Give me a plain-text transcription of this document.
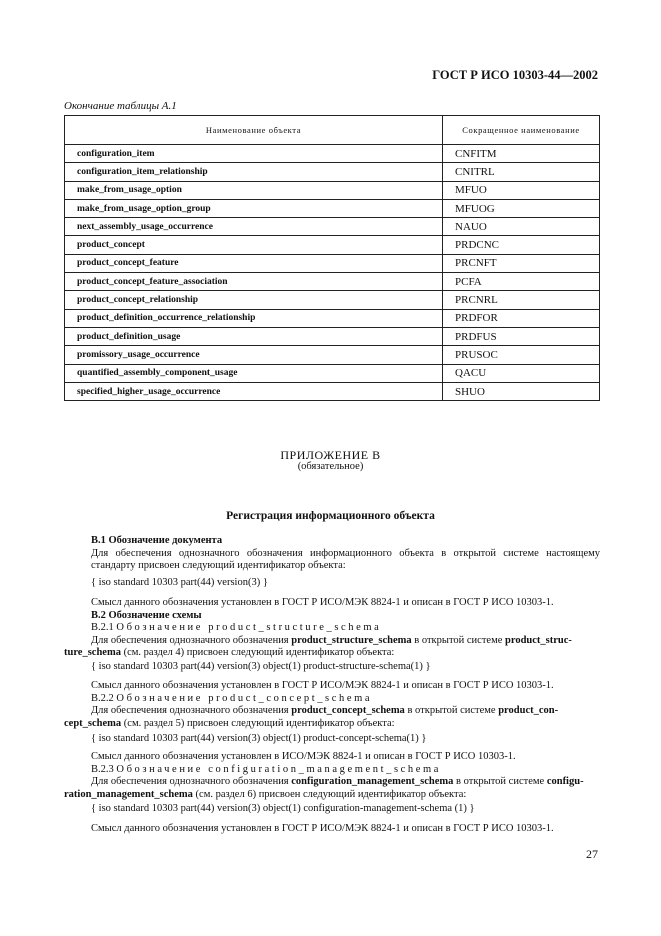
ГОСТ Р ИСО 10303-44—2002
Окончание таблицы А.1
Наименование объекта	Сокращенное наименование
configuration_item	CNFITM
configuration_item_relationship	CNITRL
make_from_usage_option	MFUO
make_from_usage_option_group	MFUOG
next_assembly_usage_occurrence	NAUO
product_concept	PRDCNC
product_concept_feature	PRCNFT
product_concept_feature_association	PCFA
product_concept_relationship	PRCNRL
product_definition_occurrence_relationship	PRDFOR
product_definition_usage	PRDFUS
promissory_usage_occurrence	PRUSOC
quantified_assembly_component_usage	QACU
specified_higher_usage_occurrence	SHUO
ПРИЛОЖЕНИЕ В
(обязательное)
Регистрация информационного объекта

В.1 Обозначение документа

Для обеспечения однозначного обозначения информационного объекта в открытой системе настоящему стандарту присвоен следующий идентификатор объекта:

{ iso standard 10303 part(44) version(3) }

Смысл данного обозначения установлен в ГОСТ Р ИСО/МЭК 8824-1 и описан в ГОСТ Р ИСО 10303-1.

В.2 Обозначение схемы

В.2.1 Обозначение product_structure_schema

Для обеспечения однозначного обозначения product_structure_schema в открытой системе product_struc-

ture_schema (см. раздел 4) присвоен следующий идентификатор объекта:

{ iso standard 10303 part(44) version(3) object(1) product-structure-schema(1) }

Смысл данного обозначения установлен в ГОСТ Р ИСО/МЭК 8824-1 и описан в ГОСТ Р ИСО 10303-1.

В.2.2 Обозначение product_concept_schema

Для обеспечения однозначного обозначения product_concept_schema в открытой системе product_con-

cept_schema (см. раздел 5) присвоен следующий идентификатор объекта:

{ iso standard 10303 part(44) version(3) object(1) product-concept-schema(1) }

Смысл данного обозначения установлен в ИСО/МЭК 8824-1 и описан в ГОСТ Р ИСО 10303-1.

В.2.3 Обозначение configuration_management_schema

Для обеспечения однозначного обозначения configuration_management_schema в открытой системе configu-

ration_management_schema (см. раздел 6) присвоен следующий идентификатор объекта:

{ iso standard 10303 part(44) version(3) object(1) configuration-management-schema (1) }

Смысл данного обозначения установлен в ГОСТ Р ИСО/МЭК 8824-1 и описан в ГОСТ Р ИСО 10303-1.

27
